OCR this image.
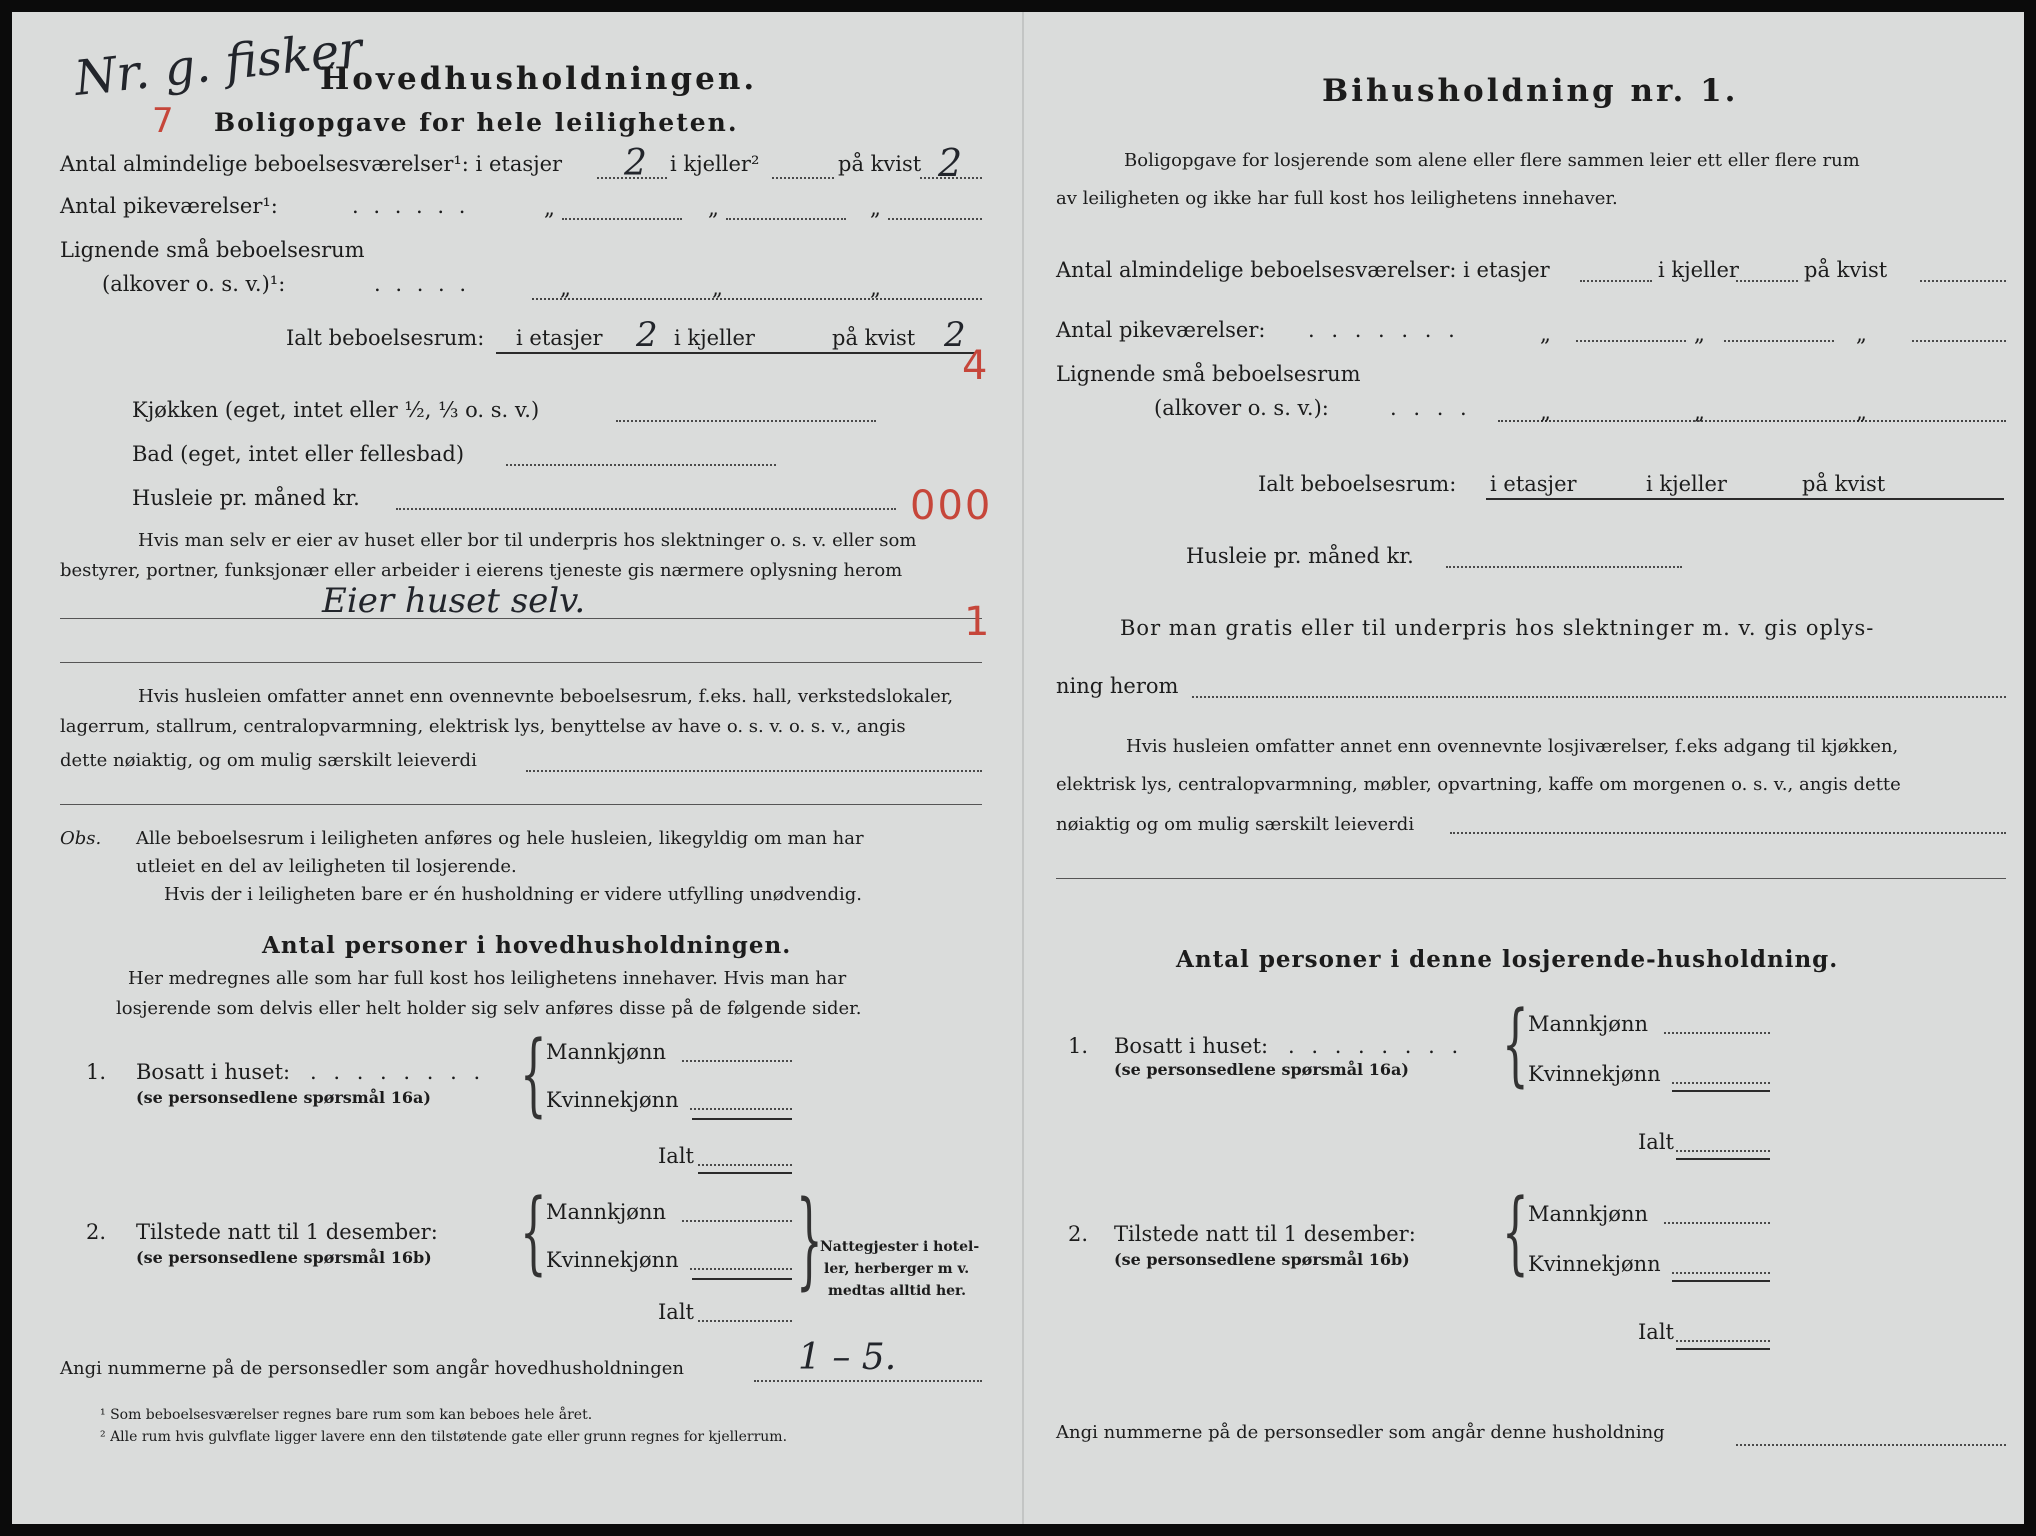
Nr. g. fisker
7
Hovedhusholdningen.
Boligopgave for hele leiligheten.
Antal almindelige beboelsesværelser¹: i etasjer 2 i kjeller²	på kvist 2
Antal pikeværelser¹:	. . . . . .	„	„	„
Lignende små beboelsesrum
(alkover o. s. v.)¹:	. . . . .	„	„	„
Ialt beboelsesrum: i etasjer 2 i kjeller	på kvist 2
4
Kjøkken (eget, intet eller ½, ⅓ o. s. v.)
Bad (eget, intet eller fellesbad)
Husleie pr. måned kr.	000
Hvis man selv er eier av huset eller bor til underpris hos slektninger o. s. v. eller som
bestyrer, portner, funksjonær eller arbeider i eierens tjeneste gis nærmere oplysning herom
Eier huset selv.	1
Hvis husleien omfatter annet enn ovennevnte beboelsesrum, f.eks. hall, verkstedslokaler,
lagerrum, stallrum, centralopvarmning, elektrisk lys, benyttelse av have o. s. v. o. s. v., angis
dette nøiaktig, og om mulig særskilt leieverdi
Obs. Alle beboelsesrum i leiligheten anføres og hele husleien, likegyldig om man har
utleiet en del av leiligheten til losjerende.
Hvis der i leiligheten bare er én husholdning er videre utfylling unødvendig.
Antal personer i hovedhusholdningen.
Her medregnes alle som har full kost hos leilighetens innehaver. Hvis man har
losjerende som delvis eller helt holder sig selv anføres disse på de følgende sider.
1. Bosatt i huset: . . . . . . . .
(se personsedlene spørsmål 16a) { Mannkjønn
Kvinnekjønn
Ialt
2. Tilstede natt til 1 desember:
(se personsedlene spørsmål 16b) { Mannkjønn
Kvinnekjønn
Ialt
}
Nattegjester i hotel-
ler, herberger m v.
medtas alltid her.
Angi nummerne på de personsedler som angår hovedhusholdningen	1 – 5.
¹ Som beboelsesværelser regnes bare rum som kan beboes hele året.
² Alle rum hvis gulvflate ligger lavere enn den tilstøtende gate eller grunn regnes for kjellerrum.
Bihusholdning nr. 1.
Boligopgave for losjerende som alene eller flere sammen leier ett eller flere rum
av leiligheten og ikke har full kost hos leilighetens innehaver.
Antal almindelige beboelsesværelser: i etasjer	i kjeller	på kvist
Antal pikeværelser: . . . . . . .	„	„	„
Lignende små beboelsesrum
(alkover o. s. v.):	. . . .	„	„	„
Ialt beboelsesrum: i etasjer	i kjeller	på kvist
Husleie pr. måned kr.
Bor man gratis eller til underpris hos slektninger m. v. gis oplys-
ning herom
Hvis husleien omfatter annet enn ovennevnte losjiværelser, f.eks adgang til kjøkken,
elektrisk lys, centralopvarmning, møbler, opvartning, kaffe om morgenen o. s. v., angis dette
nøiaktig og om mulig særskilt leieverdi
Antal personer i denne losjerende-husholdning.
1. Bosatt i huset: . . . . . . . .
(se personsedlene spørsmål 16a) { Mannkjønn
Kvinnekjønn
Ialt
2. Tilstede natt til 1 desember:
(se personsedlene spørsmål 16b) { Mannkjønn
Kvinnekjønn
Ialt
Angi nummerne på de personsedler som angår denne husholdning
